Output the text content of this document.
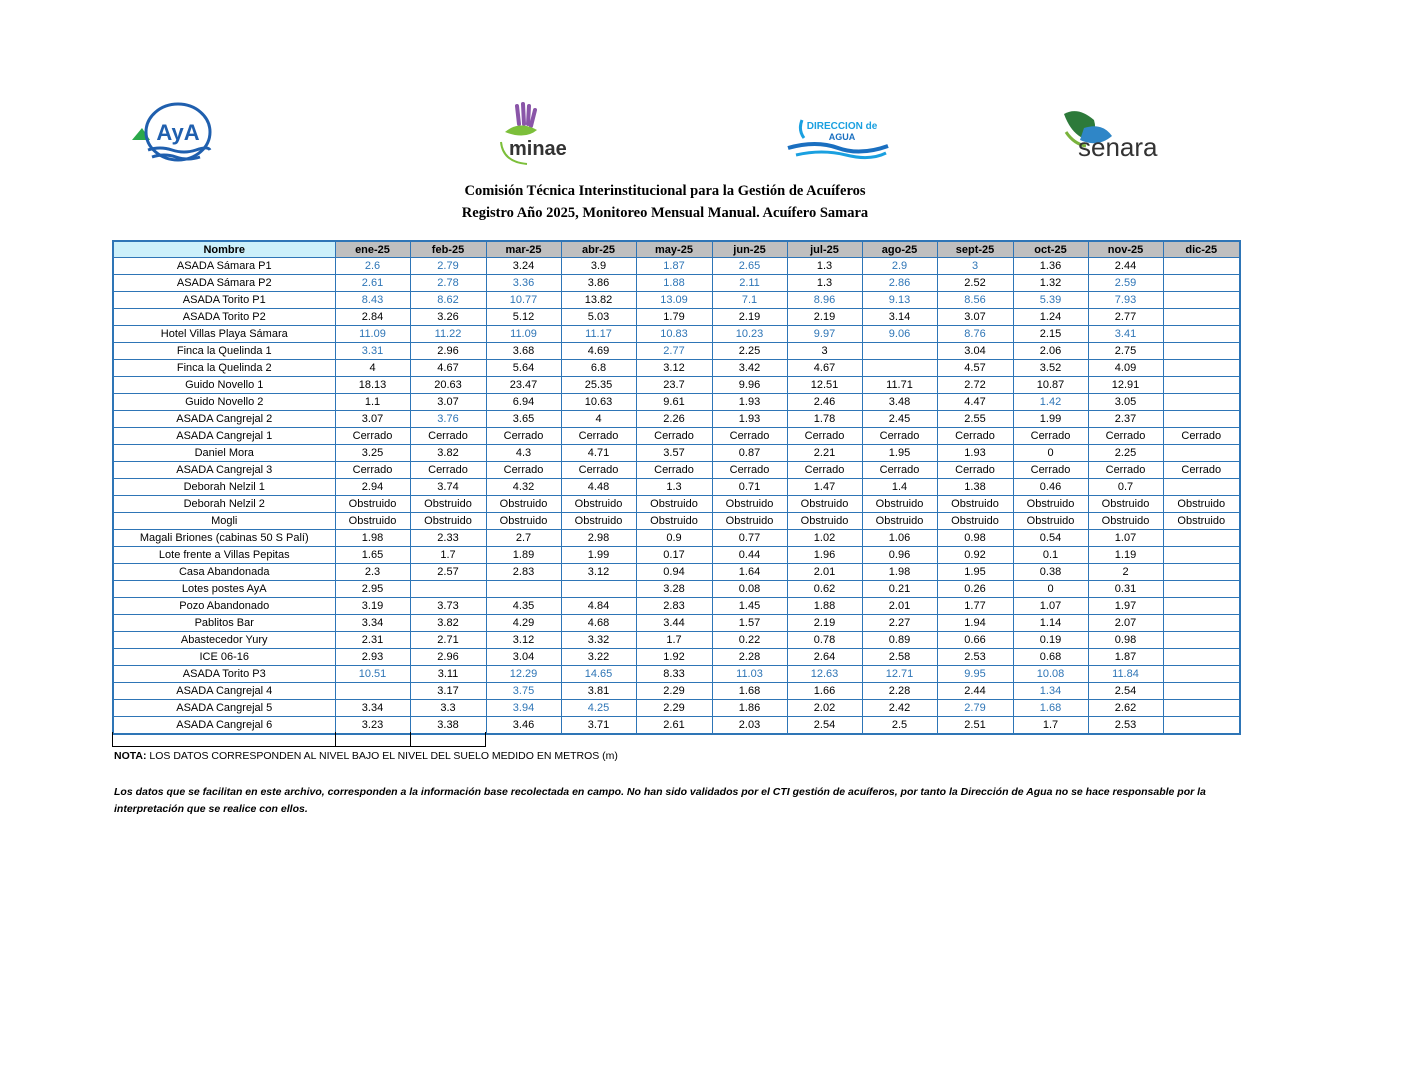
AyA
minae
DIRECCION de
AGUA	senara
Comisión Técnica Interinstitucional para la Gestión de Acuíferos
Registro Año 2025, Monitoreo Mensual Manual. Acuífero Samara
Nombre	ene-25	feb-25	mar-25	abr-25	may-25	jun-25	jul-25	ago-25	sept-25	oct-25	nov-25	dic-25
ASADA Sámara P1	2.6	2.79	3.24	3.9	1.87	2.65	1.3	2.9	3	1.36	2.44	
ASADA Sámara P2	2.61	2.78	3.36	3.86	1.88	2.11	1.3	2.86	2.52	1.32	2.59	
ASADA Torito P1	8.43	8.62	10.77	13.82	13.09	7.1	8.96	9.13	8.56	5.39	7.93	
ASADA Torito P2	2.84	3.26	5.12	5.03	1.79	2.19	2.19	3.14	3.07	1.24	2.77	
Hotel Villas Playa Sámara	11.09	11.22	11.09	11.17	10.83	10.23	9.97	9.06	8.76	2.15	3.41	
Finca la Quelinda 1	3.31	2.96	3.68	4.69	2.77	2.25	3		3.04	2.06	2.75	
Finca la Quelinda 2	4	4.67	5.64	6.8	3.12	3.42	4.67		4.57	3.52	4.09	
Guido Novello 1	18.13	20.63	23.47	25.35	23.7	9.96	12.51	11.71	2.72	10.87	12.91	
Guido Novello 2	1.1	3.07	6.94	10.63	9.61	1.93	2.46	3.48	4.47	1.42	3.05	
ASADA Cangrejal 2	3.07	3.76	3.65	4	2.26	1.93	1.78	2.45	2.55	1.99	2.37	
ASADA Cangrejal 1	Cerrado	Cerrado	Cerrado	Cerrado	Cerrado	Cerrado	Cerrado	Cerrado	Cerrado	Cerrado	Cerrado	Cerrado
Daniel Mora	3.25	3.82	4.3	4.71	3.57	0.87	2.21	1.95	1.93	0	2.25	
ASADA Cangrejal 3	Cerrado	Cerrado	Cerrado	Cerrado	Cerrado	Cerrado	Cerrado	Cerrado	Cerrado	Cerrado	Cerrado	Cerrado
Deborah Nelzil 1	2.94	3.74	4.32	4.48	1.3	0.71	1.47	1.4	1.38	0.46	0.7	
Deborah Nelzil 2	Obstruido	Obstruido	Obstruido	Obstruido	Obstruido	Obstruido	Obstruido	Obstruido	Obstruido	Obstruido	Obstruido	Obstruido
Mogli	Obstruido	Obstruido	Obstruido	Obstruido	Obstruido	Obstruido	Obstruido	Obstruido	Obstruido	Obstruido	Obstruido	Obstruido
Magali Briones (cabinas 50 S Palí)	1.98	2.33	2.7	2.98	0.9	0.77	1.02	1.06	0.98	0.54	1.07	
Lote frente a Villas Pepitas	1.65	1.7	1.89	1.99	0.17	0.44	1.96	0.96	0.92	0.1	1.19	
Casa Abandonada	2.3	2.57	2.83	3.12	0.94	1.64	2.01	1.98	1.95	0.38	2	
Lotes postes AyA	2.95				3.28	0.08	0.62	0.21	0.26	0	0.31	
Pozo Abandonado	3.19	3.73	4.35	4.84	2.83	1.45	1.88	2.01	1.77	1.07	1.97	
Pablitos Bar	3.34	3.82	4.29	4.68	3.44	1.57	2.19	2.27	1.94	1.14	2.07	
Abastecedor Yury	2.31	2.71	3.12	3.32	1.7	0.22	0.78	0.89	0.66	0.19	0.98	
ICE 06-16	2.93	2.96	3.04	3.22	1.92	2.28	2.64	2.58	2.53	0.68	1.87	
ASADA Torito P3	10.51	3.11	12.29	14.65	8.33	11.03	12.63	12.71	9.95	10.08	11.84	
ASADA Cangrejal 4		3.17	3.75	3.81	2.29	1.68	1.66	2.28	2.44	1.34	2.54	
ASADA Cangrejal 5	3.34	3.3	3.94	4.25	2.29	1.86	2.02	2.42	2.79	1.68	2.62	
ASADA Cangrejal 6	3.23	3.38	3.46	3.71	2.61	2.03	2.54	2.5	2.51	1.7	2.53	
NOTA: LOS DATOS CORRESPONDEN AL NIVEL BAJO EL NIVEL DEL SUELO MEDIDO EN METROS (m)
Los datos que se facilitan en este archivo, corresponden a la información base recolectada en campo. No han sido validados por el CTI gestión de acuíferos, por tanto la Dirección de Agua no se hace responsable por la interpretación que se realice con ellos.
